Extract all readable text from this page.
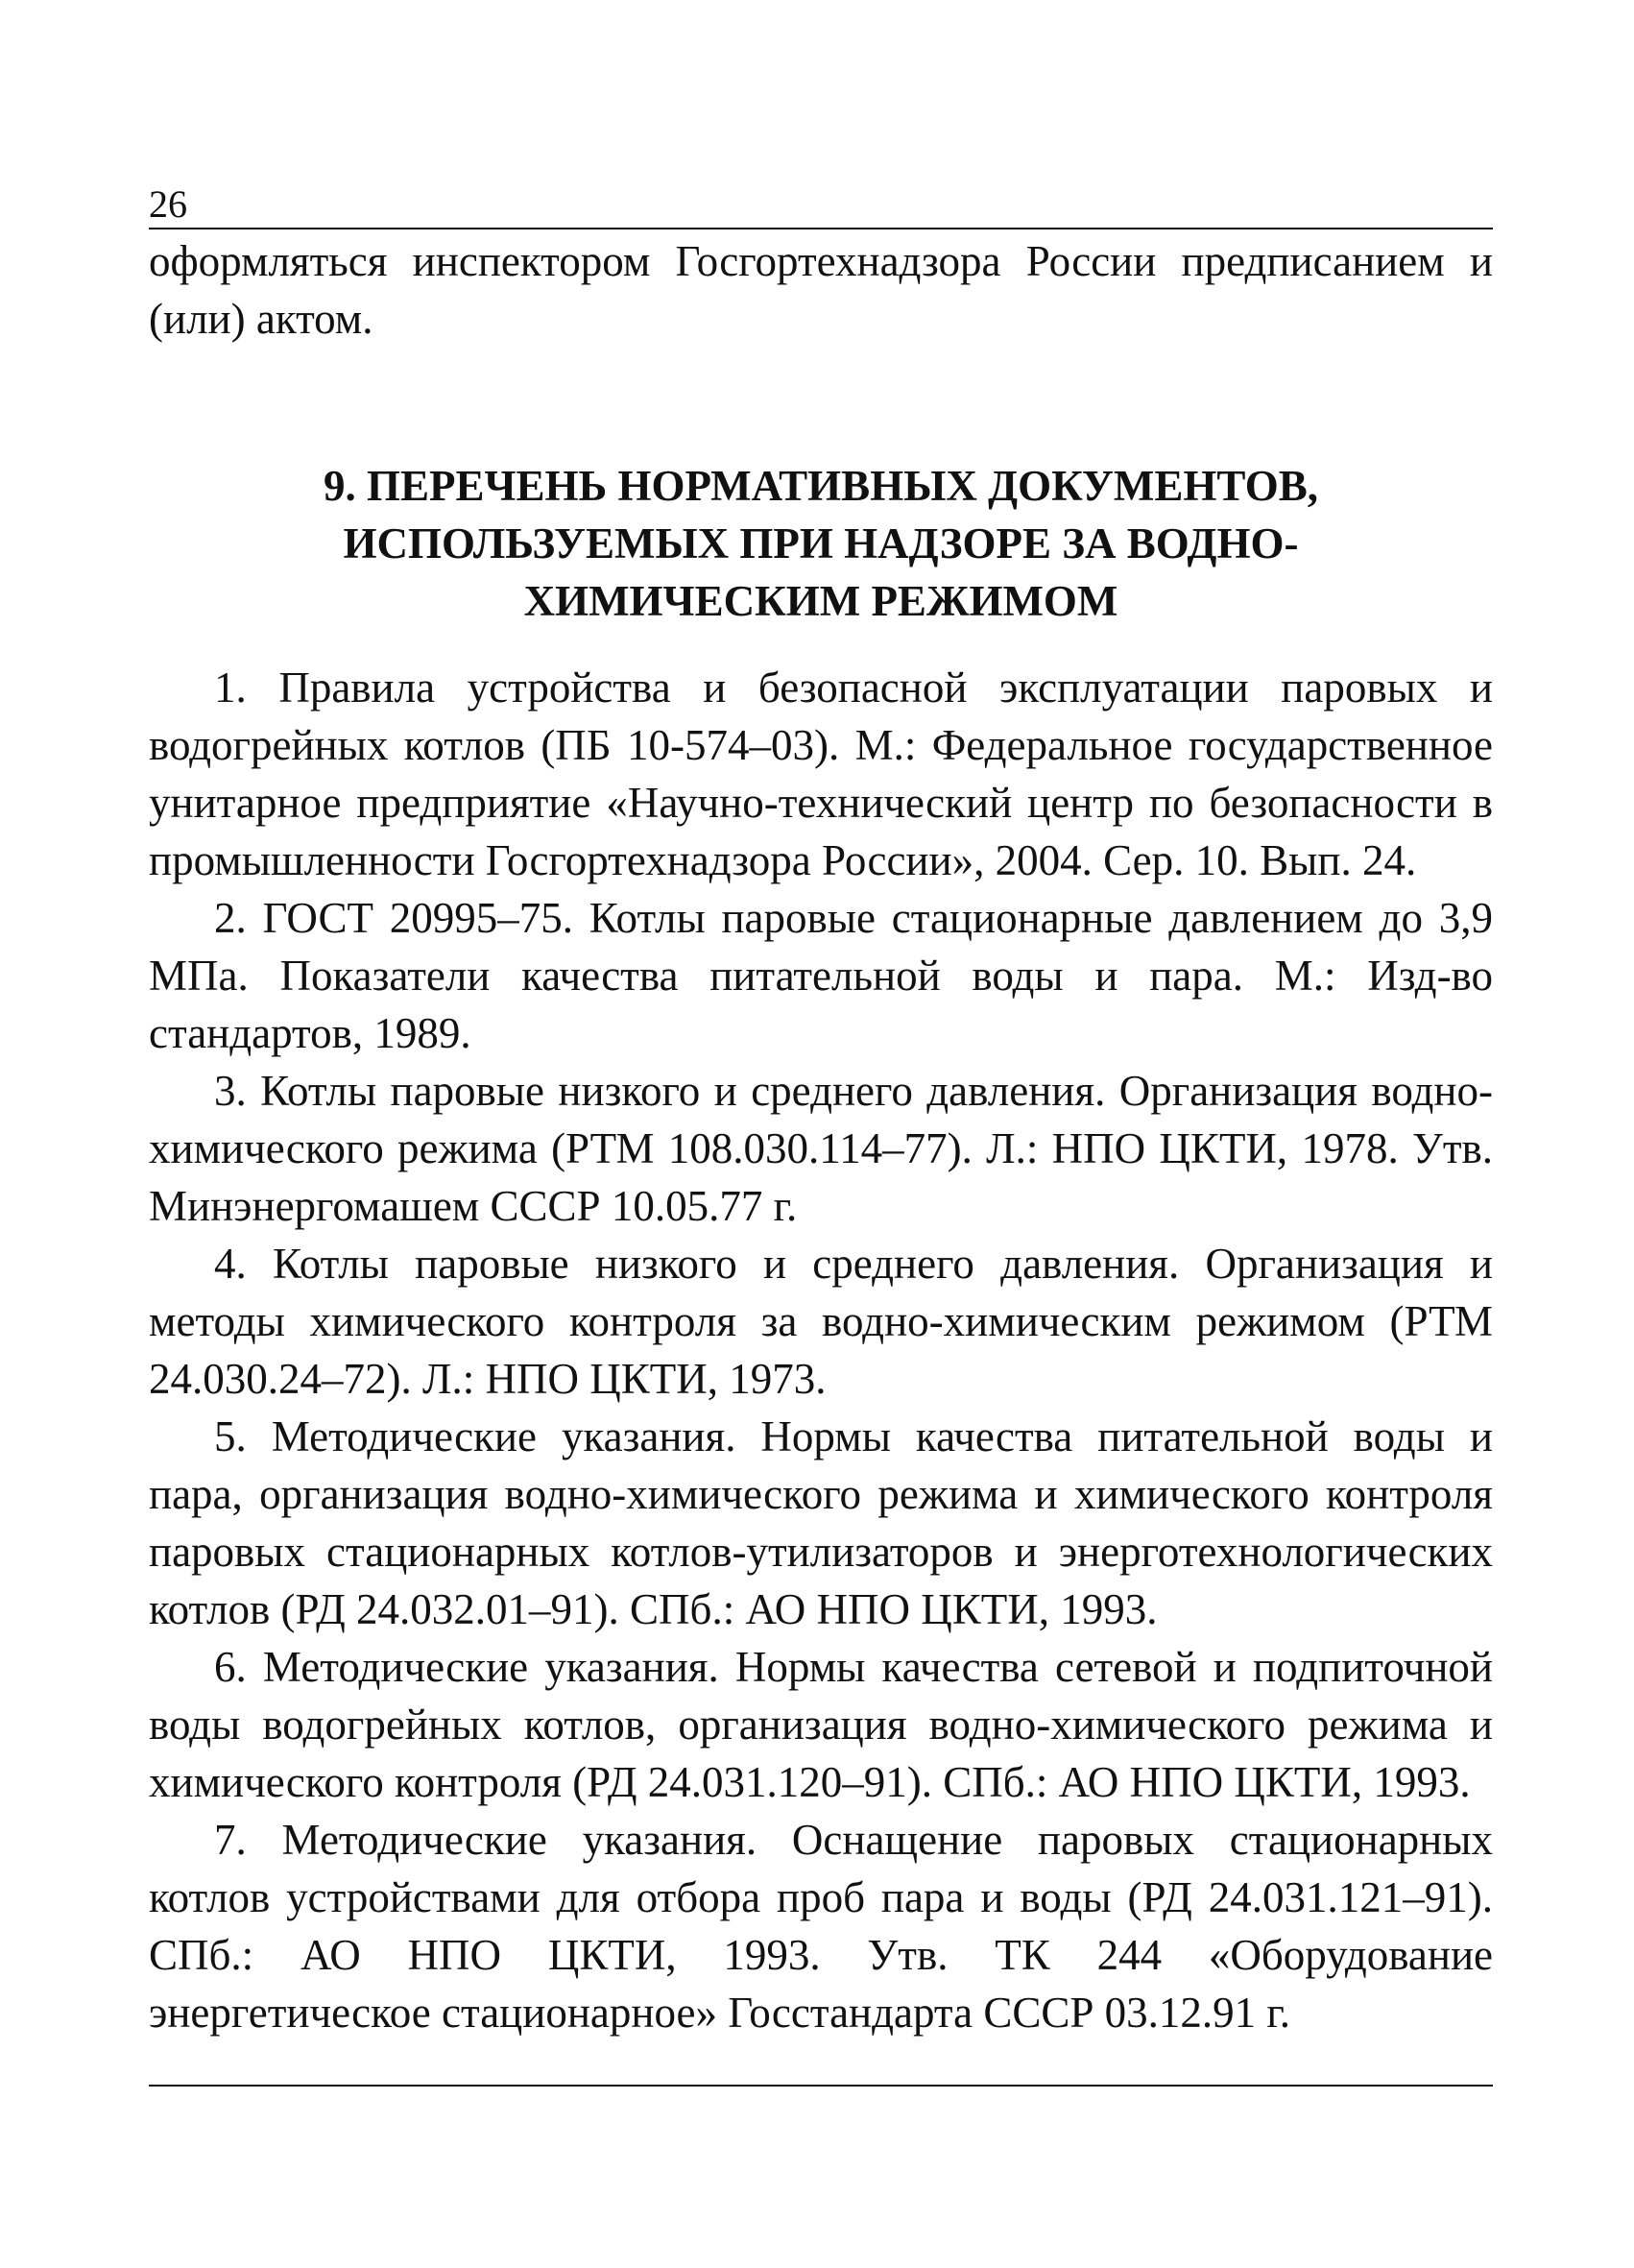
26

оформляться инспектором Госгортехнадзора России предписанием и (или) актом.

9. ПЕРЕЧЕНЬ НОРМАТИВНЫХ ДОКУМЕНТОВ,
ИСПОЛЬЗУЕМЫХ ПРИ НАДЗОРЕ ЗА ВОДНО-
ХИМИЧЕСКИМ РЕЖИМОМ

1. Правила устройства и безопасной эксплуатации паровых и водогрейных котлов (ПБ 10-574–03). М.: Федеральное государственное унитарное предприятие «Научно-технический центр по безопасности в промышленности Госгортехнадзора России», 2004. Сер. 10. Вып. 24.

2. ГОСТ 20995–75. Котлы паровые стационарные давлением до 3,9 МПа. Показатели качества питательной воды и пара. М.: Изд-во стандартов, 1989.

3. Котлы паровые низкого и среднего давления. Организация водно-химического режима (РТМ 108.030.114–77). Л.: НПО ЦКТИ, 1978. Утв. Минэнергомашем СССР 10.05.77 г.

4. Котлы паровые низкого и среднего давления. Организация и методы химического контроля за водно-химическим режимом (РТМ 24.030.24–72). Л.: НПО ЦКТИ, 1973.

5. Методические указания. Нормы качества питательной воды и пара, организация водно-химического режима и химического контроля паровых стационарных котлов-утилизаторов и энерготехнологических котлов (РД 24.032.01–91). СПб.: АО НПО ЦКТИ, 1993.

6. Методические указания. Нормы качества сетевой и подпиточной воды водогрейных котлов, организация водно-химического режима и химического контроля (РД 24.031.120–91). СПб.: АО НПО ЦКТИ, 1993.

7. Методические указания. Оснащение паровых стационарных котлов устройствами для отбора проб пара и воды (РД 24.031.121–91). СПб.: АО НПО ЦКТИ, 1993. Утв. ТК 244 «Оборудование энергетическое стационарное» Госстандарта СССР 03.12.91 г.
